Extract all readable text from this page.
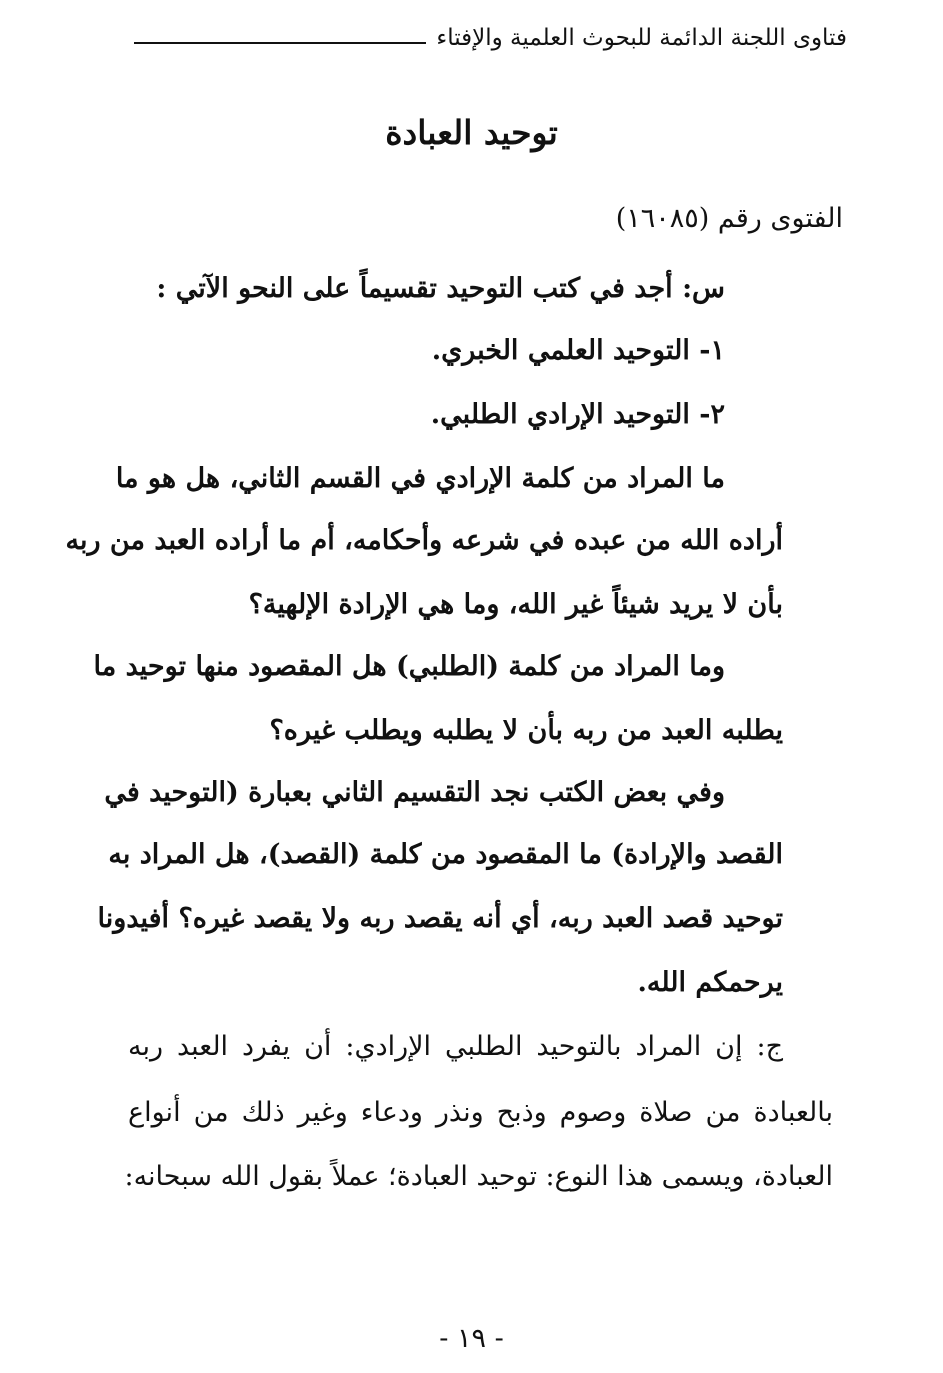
فتاوى اللجنة الدائمة للبحوث العلمية والإفتاء
توحيد العبادة
الفتوى رقم (١٦٠٨٥)
س: أجد في كتب التوحيد تقسيماً على النحو الآتي :
١- التوحيد العلمي الخبري.
٢- التوحيد الإرادي الطلبي.
ما المراد من كلمة الإرادي في القسم الثاني، هل هو ما
أراده الله من عبده في شرعه وأحكامه، أم ما أراده العبد من ربه
بأن لا يريد شيئاً غير الله، وما هي الإرادة الإلهية؟
وما المراد من كلمة (الطلبي) هل المقصود منها توحيد ما
يطلبه العبد من ربه بأن لا يطلبه ويطلب غيره؟
وفي بعض الكتب نجد التقسيم الثاني بعبارة (التوحيد في
القصد والإرادة) ما المقصود من كلمة (القصد)، هل المراد به
توحيد قصد العبد ربه، أي أنه يقصد ربه ولا يقصد غيره؟ أفيدونا
يرحمكم الله.
ج: إن المراد بالتوحيد الطلبي الإرادي: أن يفرد العبد ربه
بالعبادة من صلاة وصوم وذبح ونذر ودعاء وغير ذلك من أنواع
العبادة، ويسمى هذا النوع: توحيد العبادة؛ عملاً بقول الله سبحانه:
- ١٩ -
